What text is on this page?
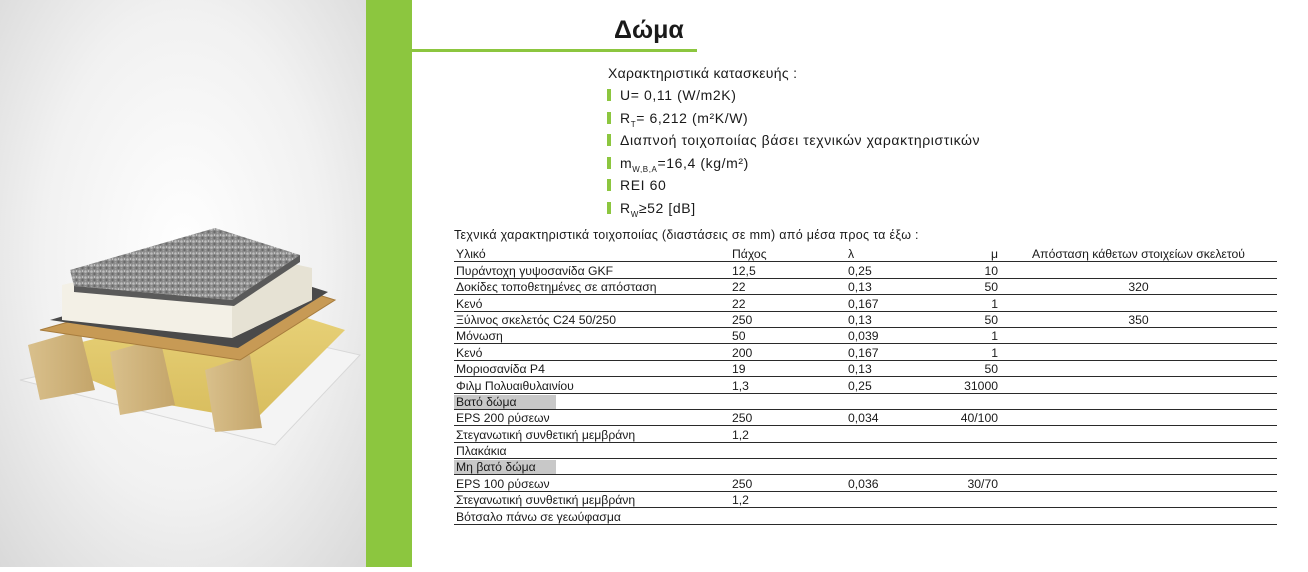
Δώμα
Χαρακτηριστικά κατασκευής :
U= 0,11 (W/m2K)
$R_T= 6,212$ (m²K/W)
Διαπνοή τοιχοποιίας βάσει τεχνικών χαρακτηριστικών
$m_{W,B,A}=16,4$ (kg/m²)
REI 60
$R_W\ge 52$ [dB]
Τεχνικά χαρακτηριστικά τοιχοποιίας (διαστάσεις σε mm) από μέσα προς τα έξω :
Υλικό	Πάχος	λ	μ	Απόσταση κάθετων στοιχείων σκελετού
Πυράντοχη γυψοσανίδα GKF	12,5	0,25	10	
Δοκίδες τοποθετημένες σε απόσταση	22	0,13	50	320
Κενό	22	0,167	1	
Ξύλινος σκελετός C24 50/250	250	0,13	50	350
Μόνωση	50	0,039	1	
Κενό	200	0,167	1	
Μοριοσανίδα P4	19	0,13	50	
Φιλμ Πολυαιθυλαινίου	1,3	0,25	31000	
Βατό δώμα				
EPS 200 ρύσεων	250	0,034	40/100	
Στεγανωτική συνθετική μεμβράνη	1,2			
Πλακάκια				
Μη βατό δώμα				
EPS 100 ρύσεων	250	0,036	30/70	
Στεγανωτική συνθετική μεμβράνη	1,2			
Βότσαλο πάνω σε γεωύφασμα				
